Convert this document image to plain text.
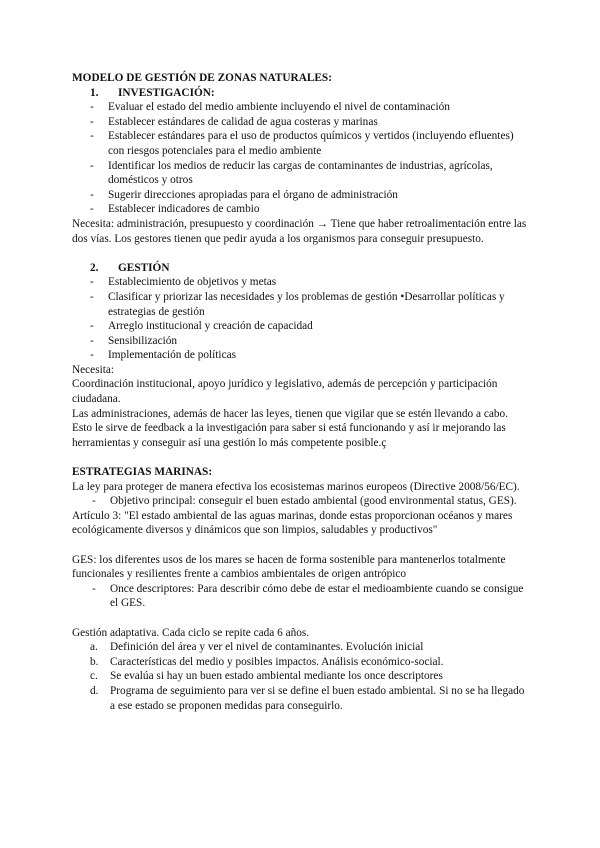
MODELO DE GESTIÓN DE ZONAS NATURALES:

1. INVESTIGACIÓN:

- Evaluar el estado del medio ambiente incluyendo el nivel de contaminación
- Establecer estándares de calidad de agua costeras y marinas
- Establecer estándares para el uso de productos químicos y vertidos (incluyendo efluentes) con riesgos potenciales para el medio ambiente
- Identificar los medios de reducir las cargas de contaminantes de industrias, agrícolas, domésticos y otros
- Sugerir direcciones apropiadas para el órgano de administración
- Establecer indicadores de cambio

Necesita: administración, presupuesto y coordinación → Tiene que haber retroalimentación entre las dos vías. Los gestores tienen que pedir ayuda a los organismos para conseguir presupuesto.

2. GESTIÓN

- Establecimiento de objetivos y metas
- Clasificar y priorizar las necesidades y los problemas de gestión •Desarrollar políticas y estrategias de gestión
- Arreglo institucional y creación de capacidad
- Sensibilización
- Implementación de políticas

Necesita:

Coordinación institucional, apoyo jurídico y legislativo, además de percepción y participación ciudadana.

Las administraciones, además de hacer las leyes, tienen que vigilar que se estén llevando a cabo. Esto le sirve de feedback a la investigación para saber si está funcionando y así ir mejorando las herramientas y conseguir así una gestión lo más competente posible.ç

ESTRATEGIAS MARINAS:

La ley para proteger de manera efectiva los ecosistemas marinos europeos (Directive 2008/56/EC).

- Objetivo principal: conseguir el buen estado ambiental (good environmental status, GES).

Artículo 3: "El estado ambiental de las aguas marinas, donde estas proporcionan océanos y mares ecológicamente diversos y dinámicos que son limpios, saludables y productivos"

GES: los diferentes usos de los mares se hacen de forma sostenible para mantenerlos totalmente funcionales y resilientes frente a cambios ambientales de origen antrópico

- Once descriptores: Para describir cómo debe de estar el medioambiente cuando se consigue el GES.

Gestión adaptativa. Cada ciclo se repite cada 6 años.

a. Definición del área y ver el nivel de contaminantes. Evolución inicial
b. Características del medio y posibles impactos. Análisis económico-social.
c. Se evalúa si hay un buen estado ambiental mediante los once descriptores
d. Programa de seguimiento para ver si se define el buen estado ambiental. Si no se ha llegado a ese estado se proponen medidas para conseguirlo.
